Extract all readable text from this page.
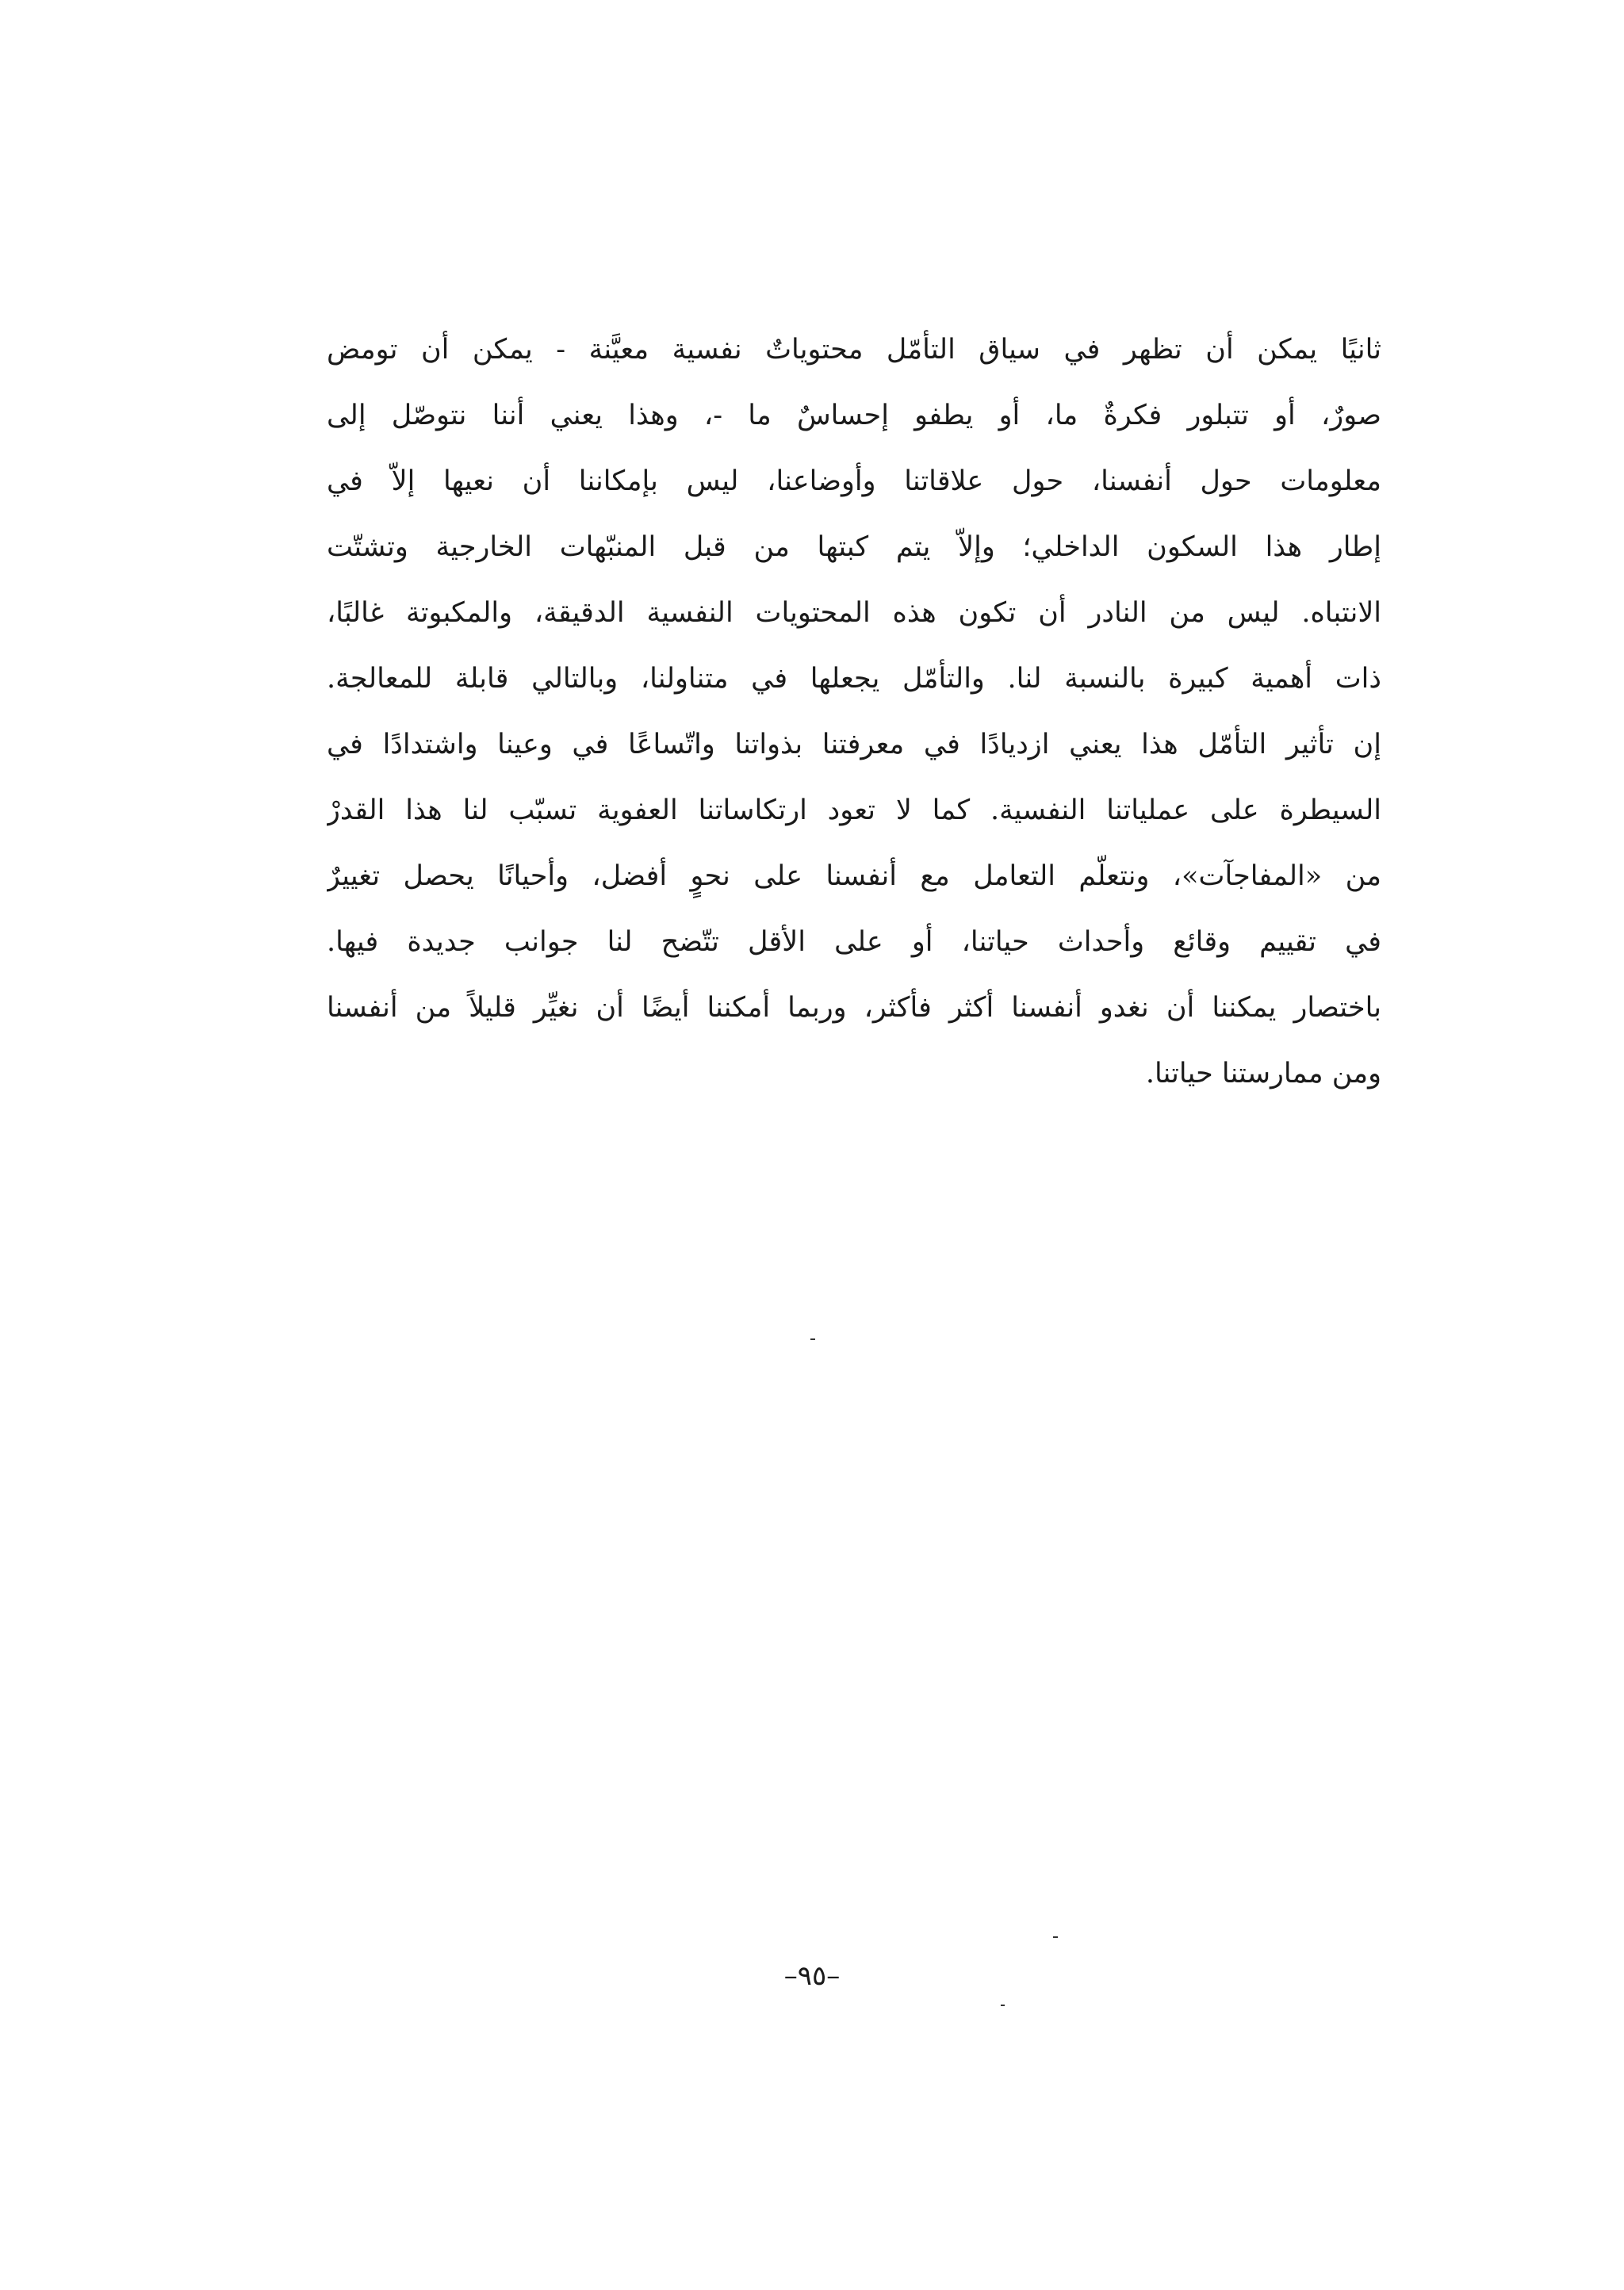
ثانيًا يمكن أن تظهر في سياق التأمّل محتوياتٌ نفسية معيَّنة - يمكن أن تومض
صورٌ، أو تتبلور فكرةٌ ما، أو يطفو إحساسٌ ما -، وهذا يعني أننا نتوصّل إلى
معلومات حول أنفسنا، حول علاقاتنا وأوضاعنا، ليس بإمكاننا أن نعيها إلاّ في
إطار هذا السكون الداخلي؛ وإلاّ يتم كبتها من قبل المنبّهات الخارجية وتشتّت
الانتباه. ليس من النادر أن تكون هذه المحتويات النفسية الدقيقة، والمكبوتة غالبًا،
ذات أهمية كبيرة بالنسبة لنا. والتأمّل يجعلها في متناولنا، وبالتالي قابلة للمعالجة.
إن تأثير التأمّل هذا يعني ازديادًا في معرفتنا بذواتنا واتّساعًا في وعينا واشتدادًا في
السيطرة على عملياتنا النفسية. كما لا تعود ارتكاساتنا العفوية تسبّب لنا هذا القدرْ
من «المفاجآت»، ونتعلّم التعامل مع أنفسنا على نحوٍ أفضل، وأحيانًا يحصل تغييرٌ
في تقييم وقائع وأحداث حياتنا، أو على الأقل تتّضح لنا جوانب جديدة فيها.
باختصار يمكننا أن نغدو أنفسنا أكثر فأكثر، وربما أمكننا أيضًا أن نغيِّر قليلاً من أنفسنا
ومن ممارستنا حياتنا.
–٩٥–
